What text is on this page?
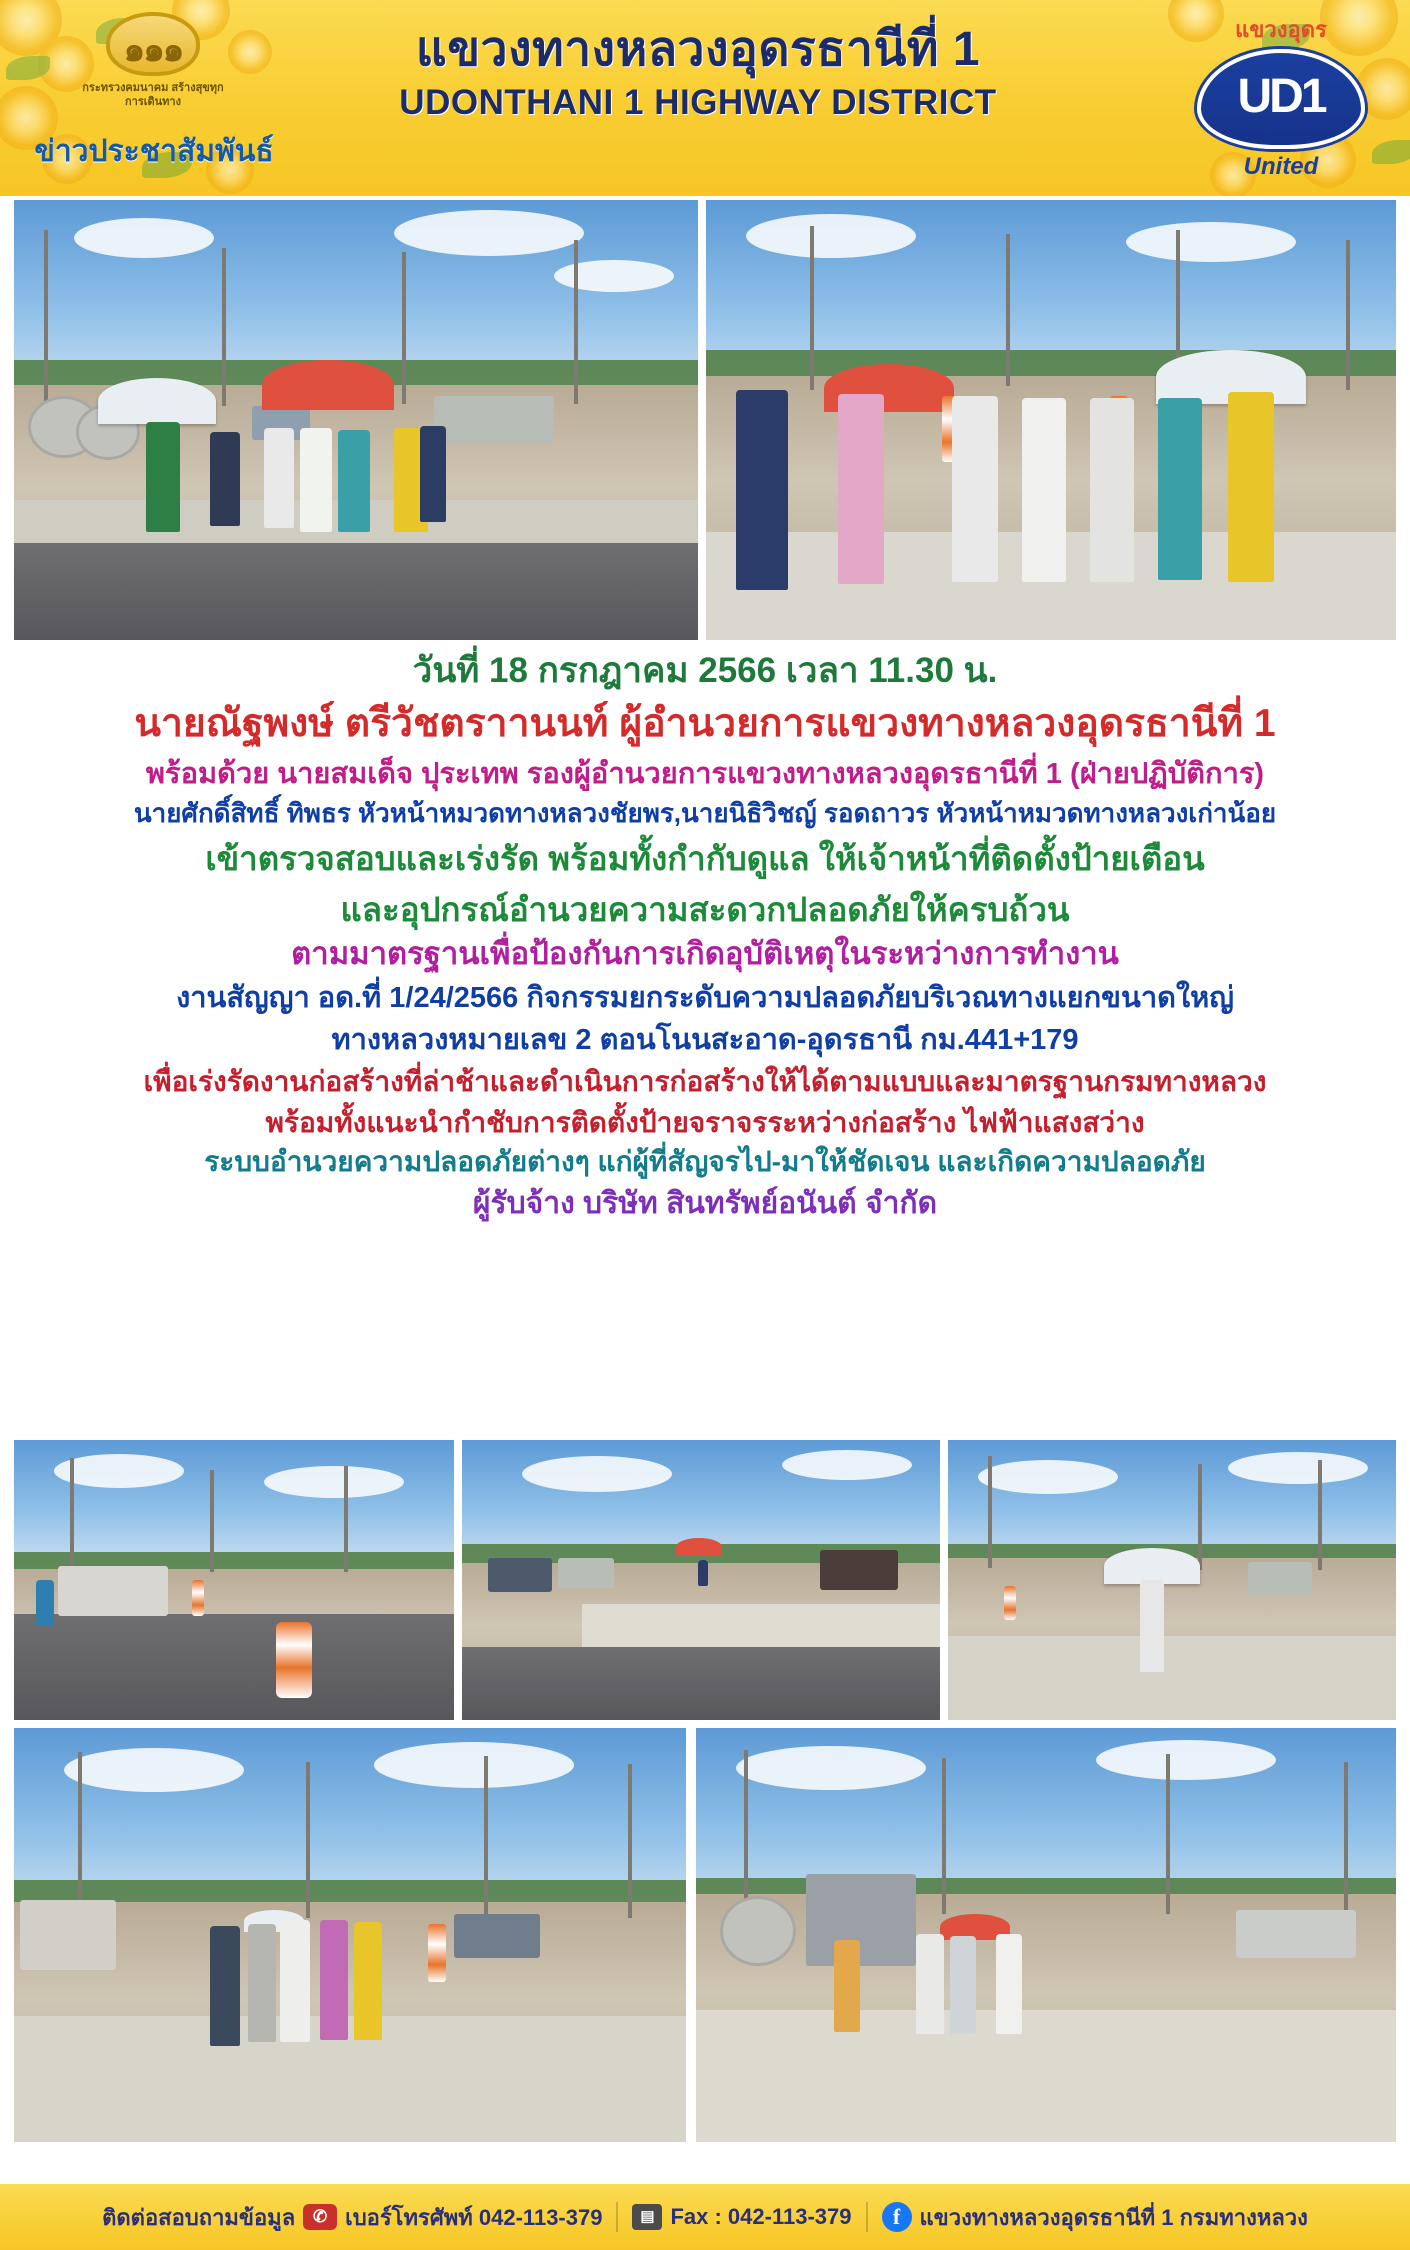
๑๑๑
กระทรวงคมนาคม สร้างสุขทุกการเดินทาง
ข่าวประชาสัมพันธ์
แขวงทางหลวงอุดรธานีที่ 1
UDONTHANI 1 HIGHWAY DISTRICT
แขวงอุดร
UD1
United
วันที่ 18 กรกฎาคม 2566 เวลา 11.30 น.
นายณัฐพงษ์ ตรีวัชตราานนท์ ผู้อำนวยการแขวงทางหลวงอุดรธานีที่ 1
พร้อมด้วย นายสมเด็จ ปุระเทพ รองผู้อำนวยการแขวงทางหลวงอุดรธานีที่ 1 (ฝ่ายปฏิบัติการ)
นายศักดิ์สิทธิ์ ทิพธร หัวหน้าหมวดทางหลวงชัยพร,นายนิธิวิชญ์ รอดถาวร หัวหน้าหมวดทางหลวงเก่าน้อย
เข้าตรวจสอบและเร่งรัด พร้อมทั้งกำกับดูแล ให้เจ้าหน้าที่ติดตั้งป้ายเตือน
และอุปกรณ์อำนวยความสะดวกปลอดภัยให้ครบถ้วน
ตามมาตรฐานเพื่อป้องกันการเกิดอุบัติเหตุในระหว่างการทำงาน
งานสัญญา อด.ที่ 1/24/2566 กิจกรรมยกระดับความปลอดภัยบริเวณทางแยกขนาดใหญ่
ทางหลวงหมายเลข 2 ตอนโนนสะอาด-อุดรธานี กม.441+179
เพื่อเร่งรัดงานก่อสร้างที่ล่าช้าและดำเนินการก่อสร้างให้ได้ตามแบบและมาตรฐานกรมทางหลวง
พร้อมทั้งแนะนำกำชับการติดตั้งป้ายจราจรระหว่างก่อสร้าง ไฟฟ้าแสงสว่าง
ระบบอำนวยความปลอดภัยต่างๆ แก่ผู้ที่สัญจรไป-มาให้ชัดเจน และเกิดความปลอดภัย
ผู้รับจ้าง บริษัท สินทรัพย์อนันต์ จำกัด
ติดต่อสอบถามข้อมูล	✆ เบอร์โทรศัพท์ 042-113-379	▤ Fax : 042-113-379	f แขวงทางหลวงอุดรธานีที่ 1 กรมทางหลวง
